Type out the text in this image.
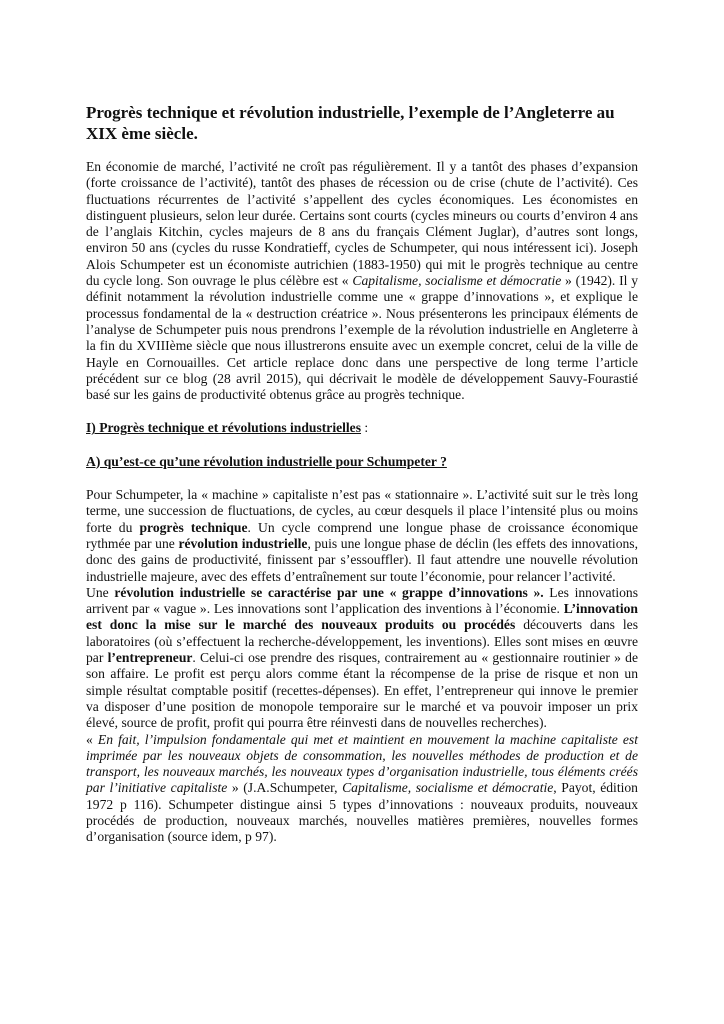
Progrès technique et révolution industrielle, l’exemple de l’Angleterre au XIX ème siècle.

En économie de marché, l’activité ne croît pas régulièrement. Il y a tantôt des phases d’expansion (forte croissance de l’activité), tantôt des phases de récession ou de crise (chute de l’activité). Ces fluctuations récurrentes de l’activité s’appellent des cycles économiques. Les économistes en distinguent plusieurs, selon leur durée. Certains sont courts (cycles mineurs ou courts d’environ 4 ans de l’anglais Kitchin, cycles majeurs de 8 ans du français Clément Juglar), d’autres sont longs, environ 50 ans (cycles du russe Kondratieff, cycles de Schumpeter, qui nous intéressent ici). Joseph Alois Schumpeter est un économiste autrichien (1883-1950) qui mit le progrès technique au centre du cycle long. Son ouvrage le plus célèbre est « Capitalisme, socialisme et démocratie » (1942). Il y définit notamment la révolution industrielle comme une « grappe d’innovations », et explique le processus fondamental de la « destruction créatrice ». Nous présenterons les principaux éléments de l’analyse de Schumpeter puis nous prendrons l’exemple de la révolution industrielle en Angleterre à la fin du XVIIIème siècle que nous illustrerons ensuite avec un exemple concret, celui de la ville de Hayle en Cornouailles. Cet article replace donc dans une perspective de long terme l’article précédent sur ce blog (28 avril 2015), qui décrivait le modèle de développement Sauvy-Fourastié basé sur les gains de productivité obtenus grâce au progrès technique.

I) Progrès technique et révolutions industrielles :

A) qu’est-ce qu’une révolution industrielle pour Schumpeter ?

Pour Schumpeter, la « machine » capitaliste n’est pas « stationnaire ». L’activité suit sur le très long terme, une succession de fluctuations, de cycles, au cœur desquels il place l’intensité plus ou moins forte du progrès technique. Un cycle comprend une longue phase de croissance économique rythmée par une révolution industrielle, puis une longue phase de déclin (les effets des innovations, donc des gains de productivité, finissent par s’essouffler). Il faut attendre une nouvelle révolution industrielle majeure, avec des effets d’entraînement sur toute l’économie, pour relancer l’activité.

Une révolution industrielle se caractérise par une « grappe d’innovations ». Les innovations arrivent par « vague ». Les innovations sont l’application des inventions à l’économie. L’innovation est donc la mise sur le marché des nouveaux produits ou procédés découverts dans les laboratoires (où s’effectuent la recherche-développement, les inventions). Elles sont mises en œuvre par l’entrepreneur. Celui-ci ose prendre des risques, contrairement au « gestionnaire routinier » de son affaire. Le profit est perçu alors comme étant la récompense de la prise de risque et non un simple résultat comptable positif (recettes-dépenses). En effet, l’entrepreneur qui innove le premier va disposer d’une position de monopole temporaire sur le marché et va pouvoir imposer un prix élevé, source de profit, profit qui pourra être réinvesti dans de nouvelles recherches).

« En fait, l’impulsion fondamentale qui met et maintient en mouvement la machine capitaliste est imprimée par les nouveaux objets de consommation, les nouvelles méthodes de production et de transport, les nouveaux marchés, les nouveaux types d’organisation industrielle, tous éléments créés par l’initiative capitaliste » (J.A.Schumpeter, Capitalisme, socialisme et démocratie, Payot, édition 1972 p 116). Schumpeter distingue ainsi 5 types d’innovations : nouveaux produits, nouveaux procédés de production, nouveaux marchés, nouvelles matières premières, nouvelles formes d’organisation (source idem, p 97).
